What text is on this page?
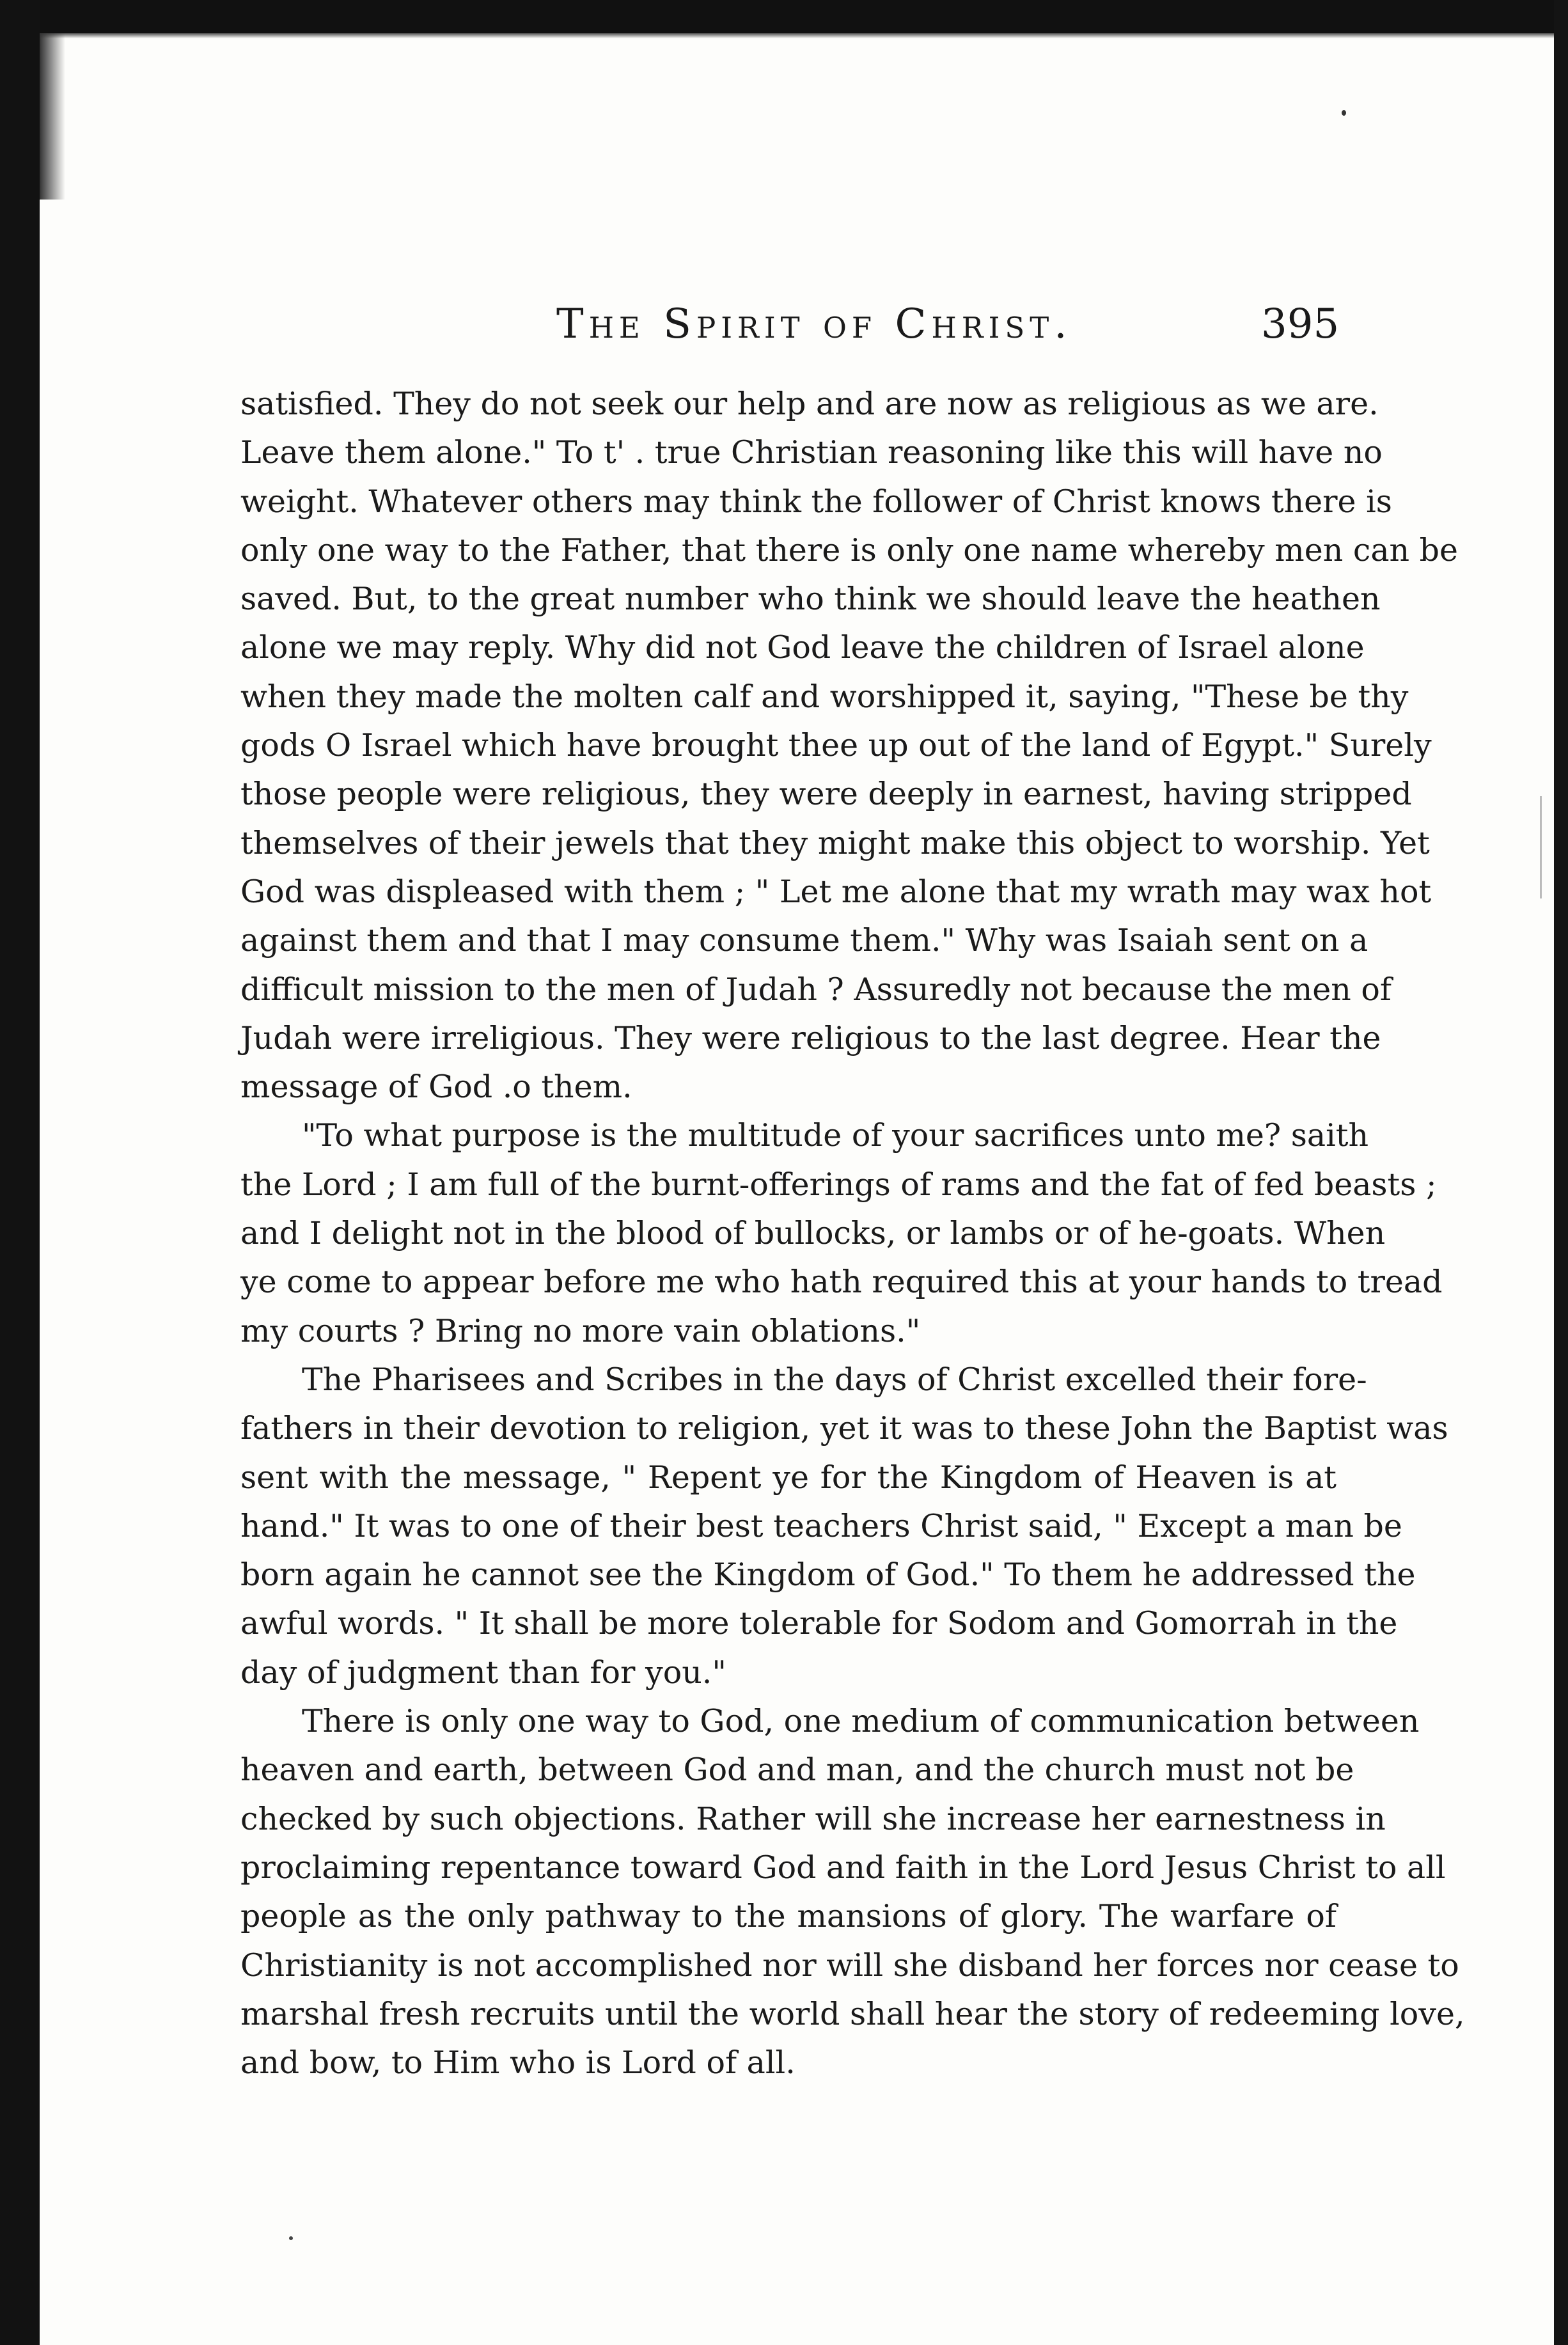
The Spirit of Christ.	395
satisfied. They do not seek our help and are now as religious as we are.
Leave them alone." To t' . true Christian reasoning like this will have no
weight. Whatever others may think the follower of Christ knows there is
only one way to the Father, that there is only one name whereby men can be
saved. But, to the great number who think we should leave the heathen
alone we may reply. Why did not God leave the children of Israel alone
when they made the molten calf and worshipped it, saying, "These be thy
gods O Israel which have brought thee up out of the land of Egypt." Surely
those people were religious, they were deeply in earnest, having stripped
themselves of their jewels that they might make this object to worship. Yet
God was displeased with them ; " Let me alone that my wrath may wax hot
against them and that I may consume them." Why was Isaiah sent on a
difficult mission to the men of Judah ? Assuredly not because the men of
Judah were irreligious. They were religious to the last degree. Hear the
message of God .o them.
"To what purpose is the multitude of your sacrifices unto me? saith
the Lord ; I am full of the burnt-offerings of rams and the fat of fed beasts ;
and I delight not in the blood of bullocks, or lambs or of he-goats. When
ye come to appear before me who hath required this at your hands to tread
my courts ? Bring no more vain oblations."
The Pharisees and Scribes in the days of Christ excelled their fore-
fathers in their devotion to religion, yet it was to these John the Baptist was
sent with the message, " Repent ye for the Kingdom of Heaven is at
hand." It was to one of their best teachers Christ said, " Except a man be
born again he cannot see the Kingdom of God." To them he addressed the
awful words. " It shall be more tolerable for Sodom and Gomorrah in the
day of judgment than for you."
There is only one way to God, one medium of communication between
heaven and earth, between God and man, and the church must not be
checked by such objections. Rather will she increase her earnestness in
proclaiming repentance toward God and faith in the Lord Jesus Christ to all
people as the only pathway to the mansions of glory. The warfare of
Christianity is not accomplished nor will she disband her forces nor cease to
marshal fresh recruits until the world shall hear the story of redeeming love,
and bow, to Him who is Lord of all.
